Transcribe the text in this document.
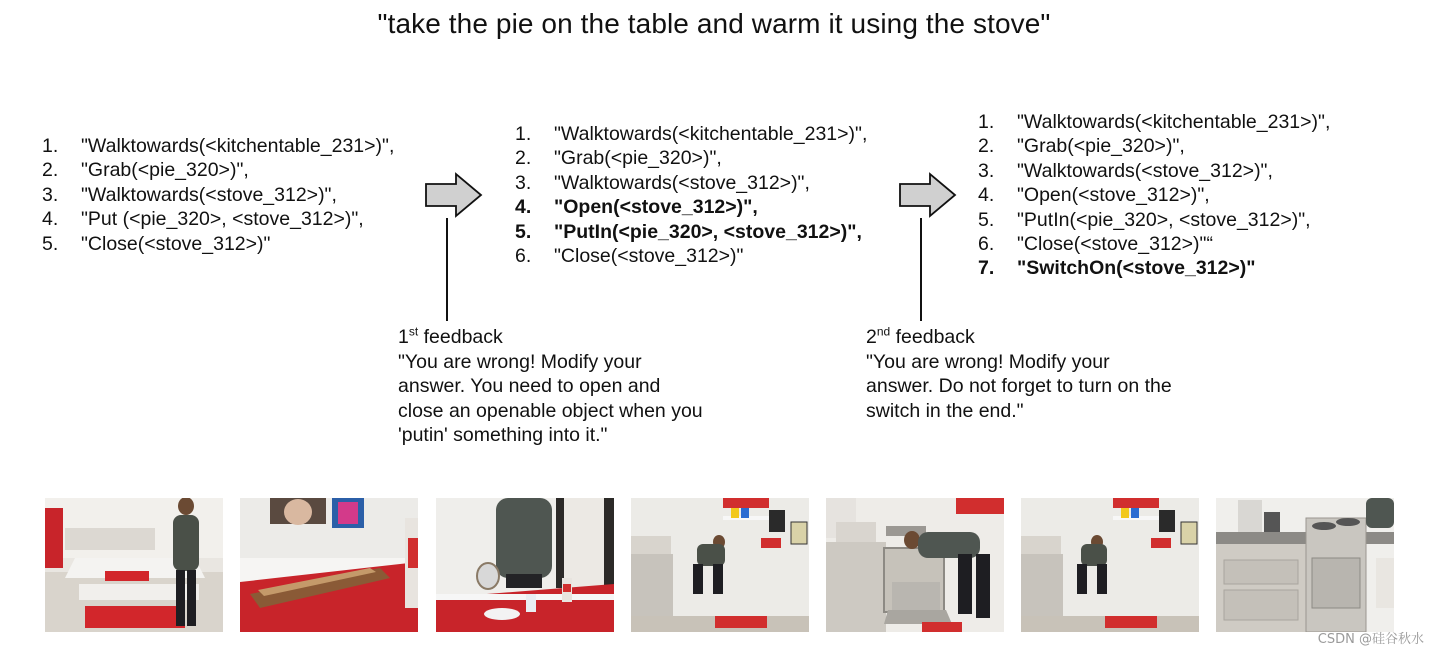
"take the pie on the table and warm it using the stove"
1. "Walktowards(<kitchentable_231>)",
2. "Grab(<pie_320>)",
3. "Walktowards(<stove_312>)",
4. "Put (<pie_320>, <stove_312>)",
5. "Close(<stove_312>)"
1. "Walktowards(<kitchentable_231>)",
2. "Grab(<pie_320>)",
3. "Walktowards(<stove_312>)",
4. "Open(<stove_312>)",
5. "PutIn(<pie_320>, <stove_312>)",
6. "Close(<stove_312>)"
1. "Walktowards(<kitchentable_231>)",
2. "Grab(<pie_320>)",
3. "Walktowards(<stove_312>)",
4. "Open(<stove_312>)",
5. "PutIn(<pie_320>, <stove_312>)",
6. "Close(<stove_312>)"“
7. "SwitchOn(<stove_312>)"
1st feedback
"You are wrong! Modify your
answer. You need to open and
close an openable object when you
'putin' something into it."
2nd feedback
"You are wrong! Modify your
answer. Do not forget to turn on the
switch in the end."
CSDN @硅谷秋水
